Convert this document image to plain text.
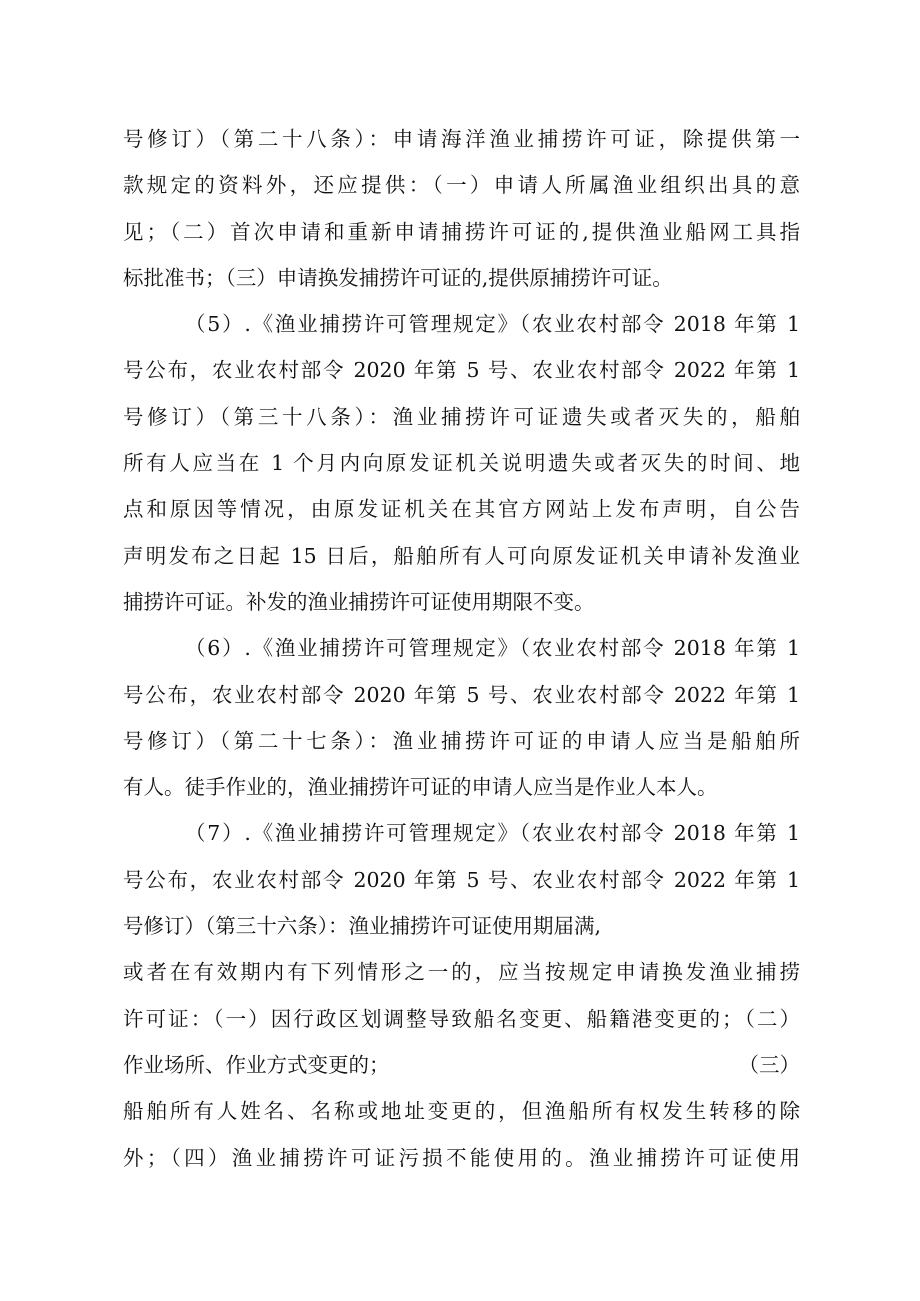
号修订）（第二十八条）：申请海洋渔业捕捞许可证，除提供第一
款规定的资料外，还应提供：（一）申请人所属渔业组织出具的意
见；（二）首次申请和重新申请捕捞许可证的,提供渔业船网工具指
标批准书；（三）申请换发捕捞许可证的,提供原捕捞许可证。
（5）.《渔业捕捞许可管理规定》（农业农村部令 2018 年第 1
号公布，农业农村部令 2020 年第 5 号、农业农村部令 2022 年第 1
号修订）（第三十八条）：渔业捕捞许可证遗失或者灭失的，船舶
所有人应当在 1 个月内向原发证机关说明遗失或者灭失的时间、地
点和原因等情况，由原发证机关在其官方网站上发布声明，自公告
声明发布之日起 15 日后，船舶所有人可向原发证机关申请补发渔业
捕捞许可证。补发的渔业捕捞许可证使用期限不变。
（6）.《渔业捕捞许可管理规定》（农业农村部令 2018 年第 1
号公布，农业农村部令 2020 年第 5 号、农业农村部令 2022 年第 1
号修订）（第二十七条）：渔业捕捞许可证的申请人应当是船舶所
有人。徒手作业的，渔业捕捞许可证的申请人应当是作业人本人。
（7）.《渔业捕捞许可管理规定》（农业农村部令 2018 年第 1
号公布，农业农村部令 2020 年第 5 号、农业农村部令 2022 年第 1
号修订）（第三十六条）：渔业捕捞许可证使用期届满,
或者在有效期内有下列情形之一的，应当按规定申请换发渔业捕捞
许可证：（一）因行政区划调整导致船名变更、船籍港变更的；（二）
作业场所、作业方式变更的；	（三）
船舶所有人姓名、名称或地址变更的，但渔船所有权发生转移的除
外；（四）渔业捕捞许可证污损不能使用的。渔业捕捞许可证使用
